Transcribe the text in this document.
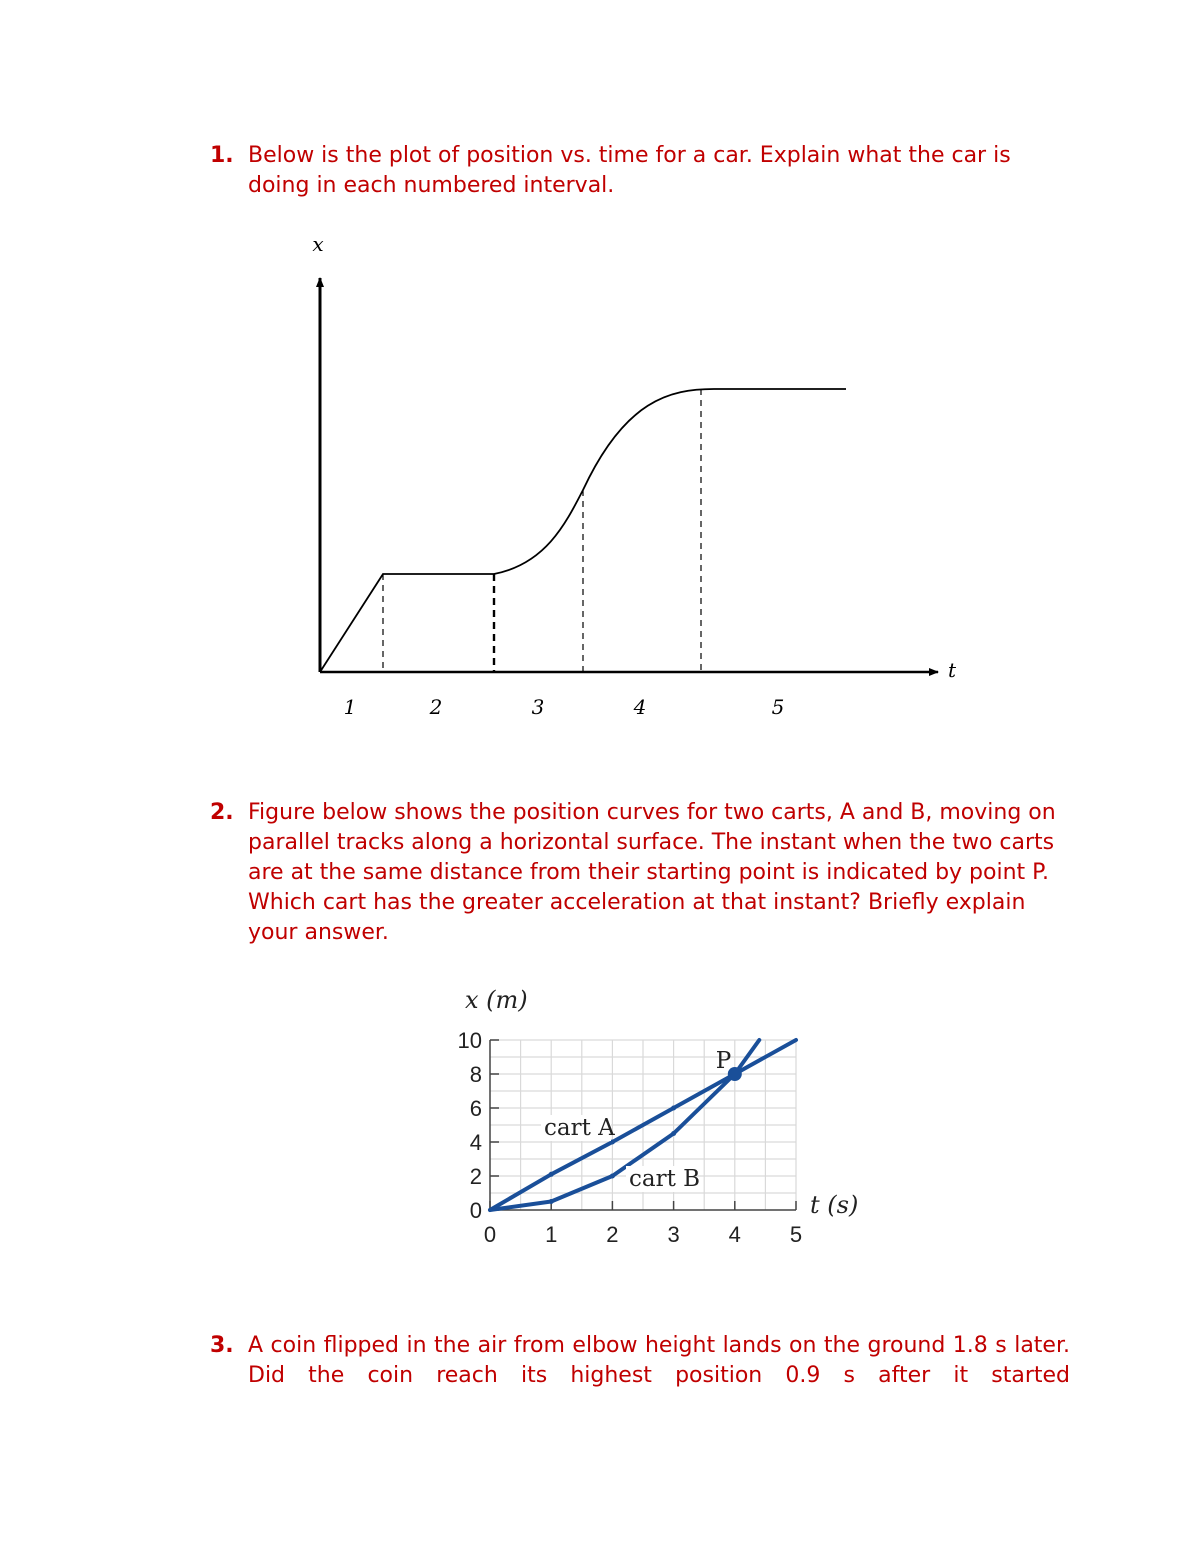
1. Below is the plot of position vs. time for a car. Explain what the car is doing in each numbered interval.
x
t
1	2	3	4	5
2. Figure below shows the position curves for two carts, A and B, moving on parallel tracks along a horizontal surface. The instant when the two carts are at the same distance from their starting point is indicated by point P. Which cart has the greater acceleration at that instant? Briefly explain your answer.
0 1 2 3 4 5
0
2
4
6
8
10
x (m)
t (s)
cart A
cart B
P
3. A coin flipped in the air from elbow height lands on the ground 1.8 s later. Did the coin reach its highest position 0.9 s after it started
